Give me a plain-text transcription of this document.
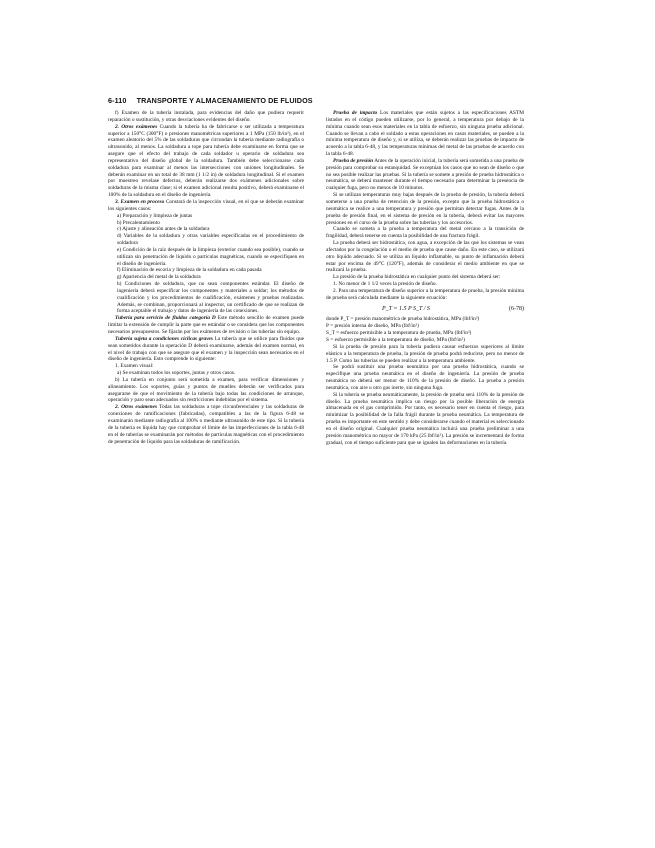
6-110 TRANSPORTE Y ALMACENAMIENTO DE FLUIDOS

f) Examen de la tubería instalada, para evidencias del daño que pudiera requerir reparación o sustitución, y otras desviaciones evidentes del diseño.

2. Otros exámenes Cuando la tubería ha de fabricarse o ser utilizada a temperatura superior a 150°C (300°F) o presiones manométricas superiores a 1 MPa (150 lb/in²), en el examen aleatorio del 5% de las soldaduras que circundan la tubería mediante radiografía o ultrasonido, al menos. La soldadura a tope para tubería debe examinarse en forma que se asegure que el efecto del trabajo de cada soldador u operario de soldadura sea representativo del diseño global de la soldadura. También debe seleccionarse cada soldadura para examinar al menos las intersecciones con uniones longitudinales. Se deberán examinar en un total de 38 mm (1 1/2 in) de soldadura longitudinal. Si el examen por muestreo revelase defectos, deberán realizarse dos exámenes adicionales sobre soldaduras de la misma clase; si el examen adicional resulta positivo, deberá examinarse el 100% de la soldadura en el diseño de ingeniería.

3. Examen en proceso Constará de la inspección visual, en el que se deberán examinar los siguientes casos:

a) Preparación y limpieza de juntas

b) Precalentamiento

c) Ajuste y alineación antes de la soldadura

d) Variables de la soldadura y otras variables especificadas en el procedimiento de soldadura

e) Condición de la raíz después de la limpieza (exterior cuando sea posible), cuando se utilizan sin penetración de líquido o partículas magnéticas, cuando se especifiquen en el diseño de ingeniería.

f) Eliminación de escoria y limpieza de la soldadura en cada pasada

g) Apariencia del metal de la soldadura

h) Condiciones de soldadura, que no sean componentes estándar. El diseño de ingeniería deberá especificar los componentes y materiales a soldar; los métodos de cualificación y los procedimientos de cualificación, exámenes y pruebas realizadas. Además, se combinan, proporcionará al inspector, un certificado de que se realizan de forma aceptable el trabajo y datos de ingeniería de las conexiones.

Tubería para servicio de fluidos categoría D Este método sencillo de examen puede limitar la extensión de cumplir la parte que es estándar o se considera que los componentes necesarios presupuestos. Se fijarán por los exámenes de revisión o las tuberías sin equipo.

Tubería sujeta a condiciones cíclicas graves La tubería que se utilice para fluidos que sean sometidos durante la operación D deberá examinarse, además del examen normal, en el nivel de trabajo con que se asegure que el examen y la inspección sean necesarios en el diseño de ingeniería. Esto comprende lo siguiente:

1. Examen visual:

a) Se examinan todos los soportes, juntas y otros casos.

b) La tubería en conjunto será sometida a examen, para verificar dimensiones y alineamiento. Los soportes, guías y puntos de muelles deberán ser verificados para asegurarse de que el movimiento de la tubería bajo todas las condiciones de arranque, operación y paro sean adecuados sin restricciones indebidas por el sistema.

2. Otros exámenes Todas las soldaduras a tope circunferenciales y las soldaduras de conexiones de ramificaciones (fabricadas), compatibles a las de la figura 6-48 se examinarán mediante radiografía al 100% o mediante ultrasonido de este tipo. Si la tubería de la tubería es líquida hay que comprobar el límite de las imperfecciones de la tabla 6-48 en el de tuberías se examinarán por métodos de partículas magnéticas con el procedimiento de penetración de líquido para las soldaduras de ramificación.

Prueba de impacto Los materiales que están sujetos a las especificaciones ASTM listados en el código pueden utilizarse, por lo general, a temperatura por debajo de la mínima cuando sean esos materiales en la tabla de esfuerzo, sin ninguna prueba adicional. Cuando se llevan a cabo el soldado a estas operaciones en casos materiales, se pueden a la mínima temperatura de diseño y, si se utiliza, se deberán realizar las pruebas de impacto de acuerdo a la tabla 6-48, y las temperaturas mínimas del metal de las pruebas de acuerdo con la tabla 6-48.

Prueba de presión Antes de la operación inicial, la tubería será sometida a una prueba de presión para comprobar su estanquidad. Se exceptúan los casos que no sean de diseño o que no sea posible realizar las pruebas. Si la tubería se somete a presión de prueba hidrostática o neumática, se deberá mantener durante el tiempo necesario para determinar la presencia de cualquier fuga, pero no menos de 10 minutos.

Si se utilizan temperaturas muy bajas después de la prueba de presión, la tubería deberá someterse a una prueba de retención de la presión, excepto que la prueba hidrostática o neumática se realice a una temperatura y presión que permitan detectar fugas. Antes de la prueba de presión final, en el sistema de presión en la tubería, deberá evitar las mayores presiones en el curso de la prueba sobre las tuberías y los accesorios.

Cuando se someta a la prueba a temperatura del metal cercano a la transición de fragilidad, deberá tenerse en cuenta la posibilidad de una fractura frágil.

La prueba deberá ser hidrostática, con agua, a excepción de las que los sistemas se vean afectados por la congelación o el medio de prueba que cause daño. En este caso, se utilizará otro líquido adecuado. Si se utiliza un líquido inflamable, su punto de inflamación deberá estar por encima de 49°C (120°F), además de considerar el medio ambiente en que se realizará la prueba.

La presión de la prueba hidrostática en cualquier punto del sistema deberá ser:

1. No menor de 1 1/2 veces la presión de diseño.

2. Para una temperatura de diseño superior a la temperatura de prueba, la presión mínima de prueba será calculada mediante la siguiente ecuación:

P_T = 1.5 P S_T / S	(6-78)

donde P_T = presión manométrica de prueba hidrostática, MPa (lbf/in²)

P = presión interna de diseño, MPa (lbf/in²)

S_T = esfuerzo permisible a la temperatura de prueba, MPa (lbf/in²)

S = esfuerzo permisible a la temperatura de diseño, MPa (lbf/in²)

Si la prueba de presión para la tubería pudiera causar esfuerzos superiores al límite elástico a la temperatura de prueba, la presión de prueba podrá reducirse, pero no menor de 1.5 P. Como las tuberías se pueden realizar a la temperatura ambiente.

Se podrá sustituir una prueba neumática por una prueba hidrostática, cuando se especifique una prueba neumática en el diseño de ingeniería. La presión de prueba neumática no deberá ser menor de 110% de la presión de diseño. La prueba a presión neumática, con aire u otro gas inerte, sin ninguna fuga.

Si la tubería se prueba neumáticamente, la presión de prueba será 110% de la presión de diseño. La prueba neumática implica un riesgo por la posible liberación de energía almacenada en el gas comprimido. Por tanto, es necesario tener en cuenta el riesgo, para minimizar la posibilidad de la falla frágil durante la prueba neumática. La temperatura de prueba es importante en este sentido y debe considerarse cuando el material es seleccionado en el diseño original. Cualquier prueba neumática incluirá una prueba preliminar a una presión manométrica no mayor de 170 kPa (25 lbf/in²). La presión se incrementará de forma gradual, con el tiempo suficiente para que se igualen las deformaciones en la tubería.
